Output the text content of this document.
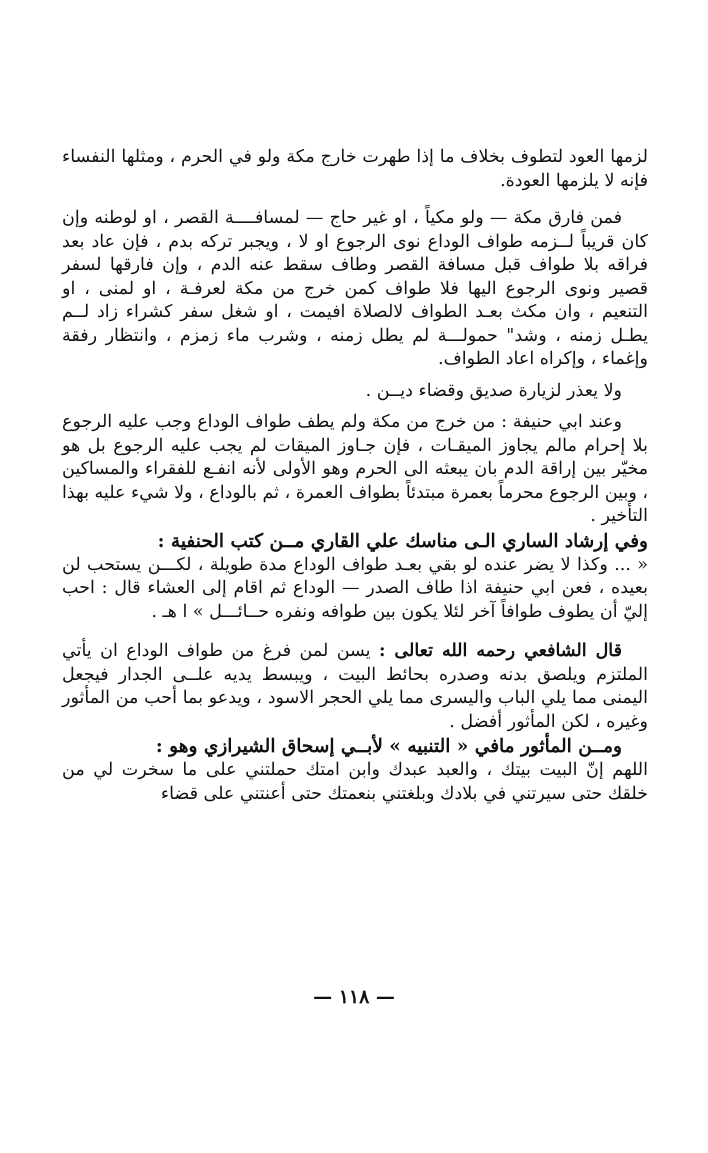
لزمها العود لتطوف بخلاف ما إذا طهرت خارج مكة ولو في الحرم ، ومثلها النفساء فإنه لا يلزمها العودة.

فمن فارق مكة — ولو مكياً ، او غير حاج — لمسافــــة القصر ، او لوطنه وإن كان قريباً لــزمه طواف الوداع نوى الرجوع او لا ، ويجبر تركه بدم ، فإن عاد بعد فراقه بلا طواف قبل مسافة القصر وطاف سقط عنه الدم ، وإن فارقها لسفر قصير ونوى الرجوع اليها فلا طواف كمن خرج من مكة لعرفـة ، او لمنى ، او التنعيم ، وان مكث بعـد الطواف لالصلاة افيمت ، او شغل سفر كشراء زاد لــم يطـل زمنه ، وشد" حمولـــة لم يطل زمنه ، وشرب ماء زمزم ، وانتظار رفقة وإغماء ، وإكراه اعاد الطواف.

ولا يعذر لزيارة صديق وقضاء ديــن .

وعند ابي حنيفة : من خرج من مكة ولم يطف طواف الوداع وجب عليه الرجوع بلا إحرام مالم يجاوز الميقـات ، فإن جـاوز الميقات لم يجب عليه الرجوع بل هو مخيّر بين إراقة الدم بان يبعثه الى الحرم وهو الأولى لأنه انفـع للفقراء والمساكين ، وبين الرجوع محرماً بعمرة مبتدئاً بطواف العمرة ، ثم بالوداع ، ولا شيء عليه بهذا التأخير .

وفي إرشاد الساري الـى مناسك علي القاري مــن كتب الحنفية :

« ... وكذا لا يضر عنده لو بقي بعـد طواف الوداع مدة طويلة ، لكـــن يستحب لن بعيده ، فعن ابي حنيفة اذا طاف الصدر — الوداع ثم اقام إلى العشاء قال : احب إليّ أن يطوف طوافاً آخر لئلا يكون بين طوافه ونفره حــائـــل » ا هـ .

قال الشافعي رحمه الله تعالى : يسن لمن فرغ من طواف الوداع ان يأتي الملتزم ويلصق بدنه وصدره بحائط البيت ، ويبسط يديه علــى الجدار فيجعل اليمنى مما يلي الباب واليسرى مما يلي الحجر الاسود ، ويدعو بما أحب من المأثور وغيره ، لكن المأثور أفضل .

ومــن المأثور مافي « التنبيه » لأبــي إسحاق الشيرازي وهو :

اللهم إنّ البيت بيتك ، والعبد عبدك وابن امتك حملتني على ما سخرت لي من خلقك حتى سيرتني في بلادك وبلغتني بنعمتك حتى أعنتني على قضاء

— ١١٨ —
